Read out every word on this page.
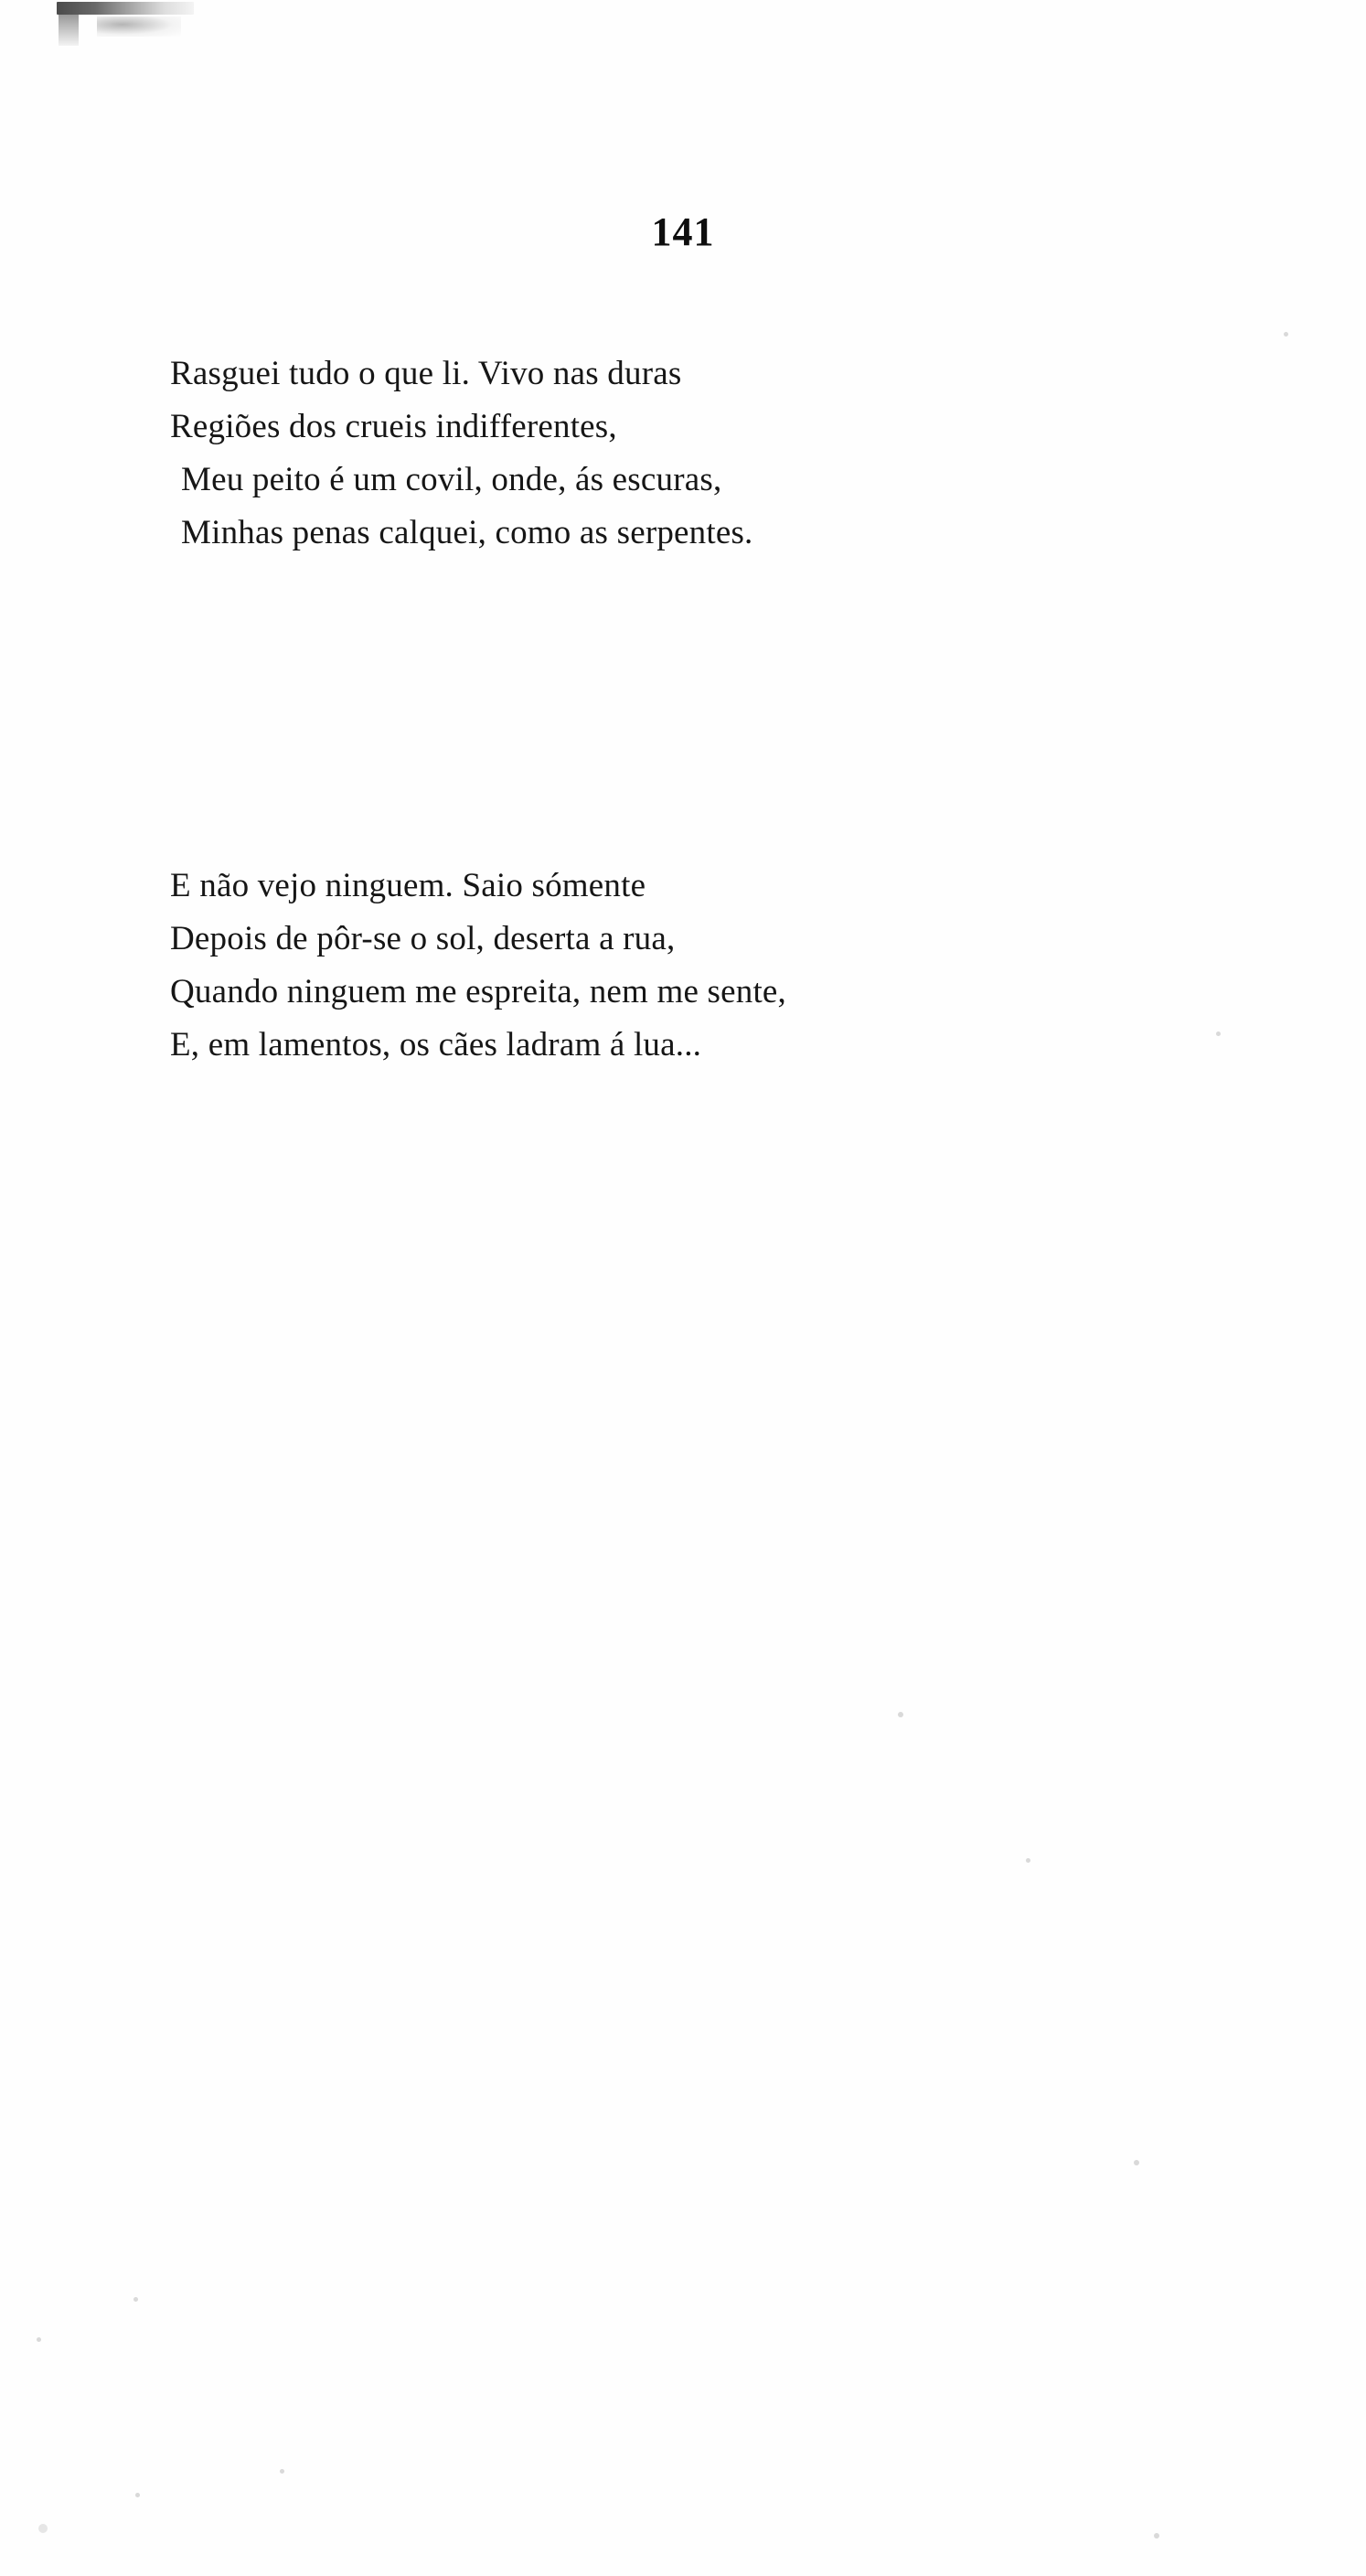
141
Rasguei tudo o que li. Vivo nas duras
Regiões dos crueis indifferentes,
Meu peito é um covil, onde, ás escuras,
Minhas penas calquei, como as serpentes.
E não vejo ninguem. Saio sómente
Depois de pôr-se o sol, deserta a rua,
Quando ninguem me espreita, nem me sente,
E, em lamentos, os cães ladram á lua...
